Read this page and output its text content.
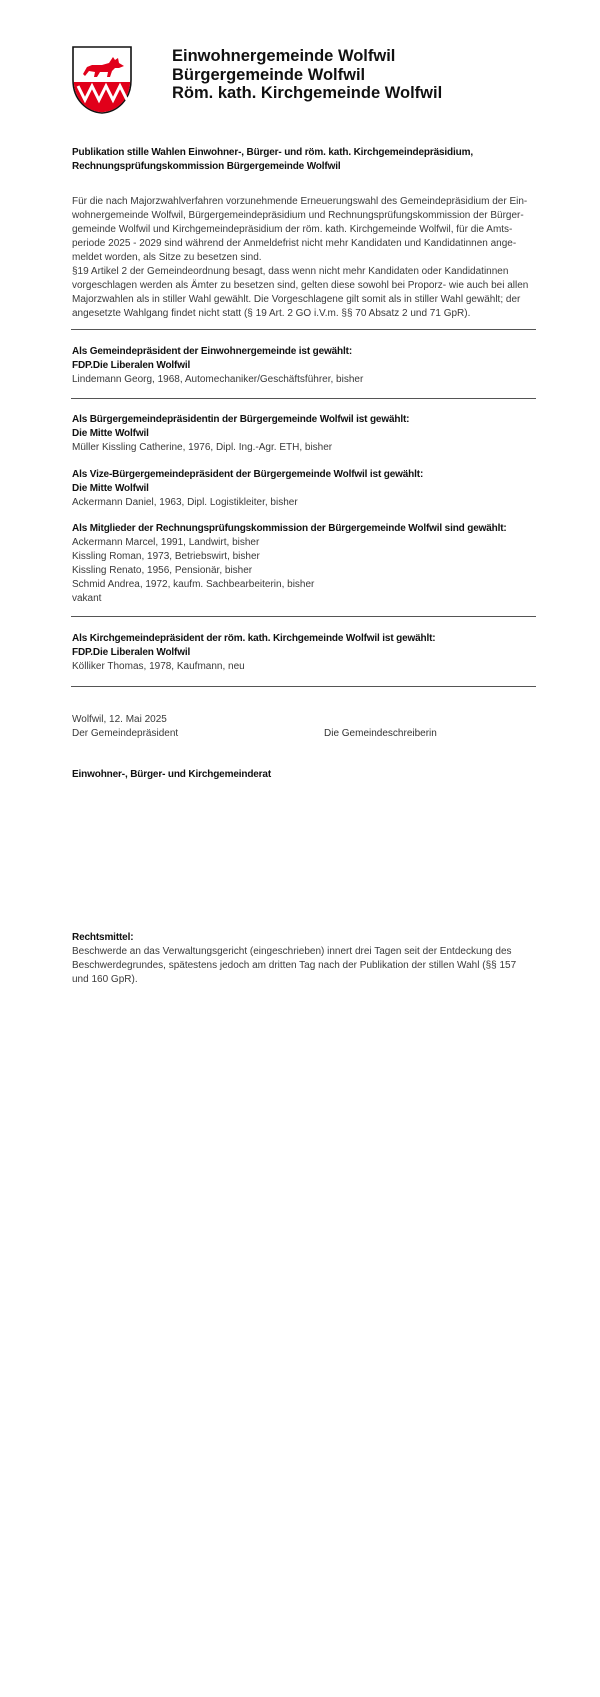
Einwohnergemeinde Wolfwil
Bürgergemeinde Wolfwil
Röm. kath. Kirchgemeinde Wolfwil

Publikation stille Wahlen Einwohner-, Bürger- und röm. kath. Kirchgemeindepräsidium,

Rechnungsprüfungskommission Bürgergemeinde Wolfwil

Für die nach Majorzwahlverfahren vorzunehmende Erneuerungswahl des Gemeindepräsidium der Ein-

wohnergemeinde Wolfwil, Bürgergemeindepräsidium und Rechnungsprüfungskommission der Bürger-

gemeinde Wolfwil und Kirchgemeindepräsidium der röm. kath. Kirchgemeinde Wolfwil, für die Amts-

periode 2025 - 2029 sind während der Anmeldefrist nicht mehr Kandidaten und Kandidatinnen ange-

meldet worden, als Sitze zu besetzen sind.

§19 Artikel 2 der Gemeindeordnung besagt, dass wenn nicht mehr Kandidaten oder Kandidatinnen

vorgeschlagen werden als Ämter zu besetzen sind, gelten diese sowohl bei Proporz- wie auch bei allen

Majorzwahlen als in stiller Wahl gewählt. Die Vorgeschlagene gilt somit als in stiller Wahl gewählt; der

angesetzte Wahlgang findet nicht statt (§ 19 Art. 2 GO i.V.m. §§ 70 Absatz 2 und 71 GpR).

Als Gemeindepräsident der Einwohnergemeinde ist gewählt:

FDP.Die Liberalen Wolfwil

Lindemann Georg, 1968, Automechaniker/Geschäftsführer, bisher

Als Bürgergemeindepräsidentin der Bürgergemeinde Wolfwil ist gewählt:

Die Mitte Wolfwil

Müller Kissling Catherine, 1976, Dipl. Ing.-Agr. ETH, bisher

Als Vize-Bürgergemeindepräsident der Bürgergemeinde Wolfwil ist gewählt:

Die Mitte Wolfwil

Ackermann Daniel, 1963, Dipl. Logistikleiter, bisher

Als Mitglieder der Rechnungsprüfungskommission der Bürgergemeinde Wolfwil sind gewählt:

Ackermann Marcel, 1991, Landwirt, bisher

Kissling Roman, 1973, Betriebswirt, bisher

Kissling Renato, 1956, Pensionär, bisher

Schmid Andrea, 1972, kaufm. Sachbearbeiterin, bisher

vakant

Als Kirchgemeindepräsident der röm. kath. Kirchgemeinde Wolfwil ist gewählt:

FDP.Die Liberalen Wolfwil

Kölliker Thomas, 1978, Kaufmann, neu

Wolfwil, 12. Mai 2025

Der Gemeindepräsident	Die Gemeindeschreiberin

Einwohner-, Bürger- und Kirchgemeinderat

Rechtsmittel:

Beschwerde an das Verwaltungsgericht (eingeschrieben) innert drei Tagen seit der Entdeckung des

Beschwerdegrundes, spätestens jedoch am dritten Tag nach der Publikation der stillen Wahl (§§ 157

und 160 GpR).
